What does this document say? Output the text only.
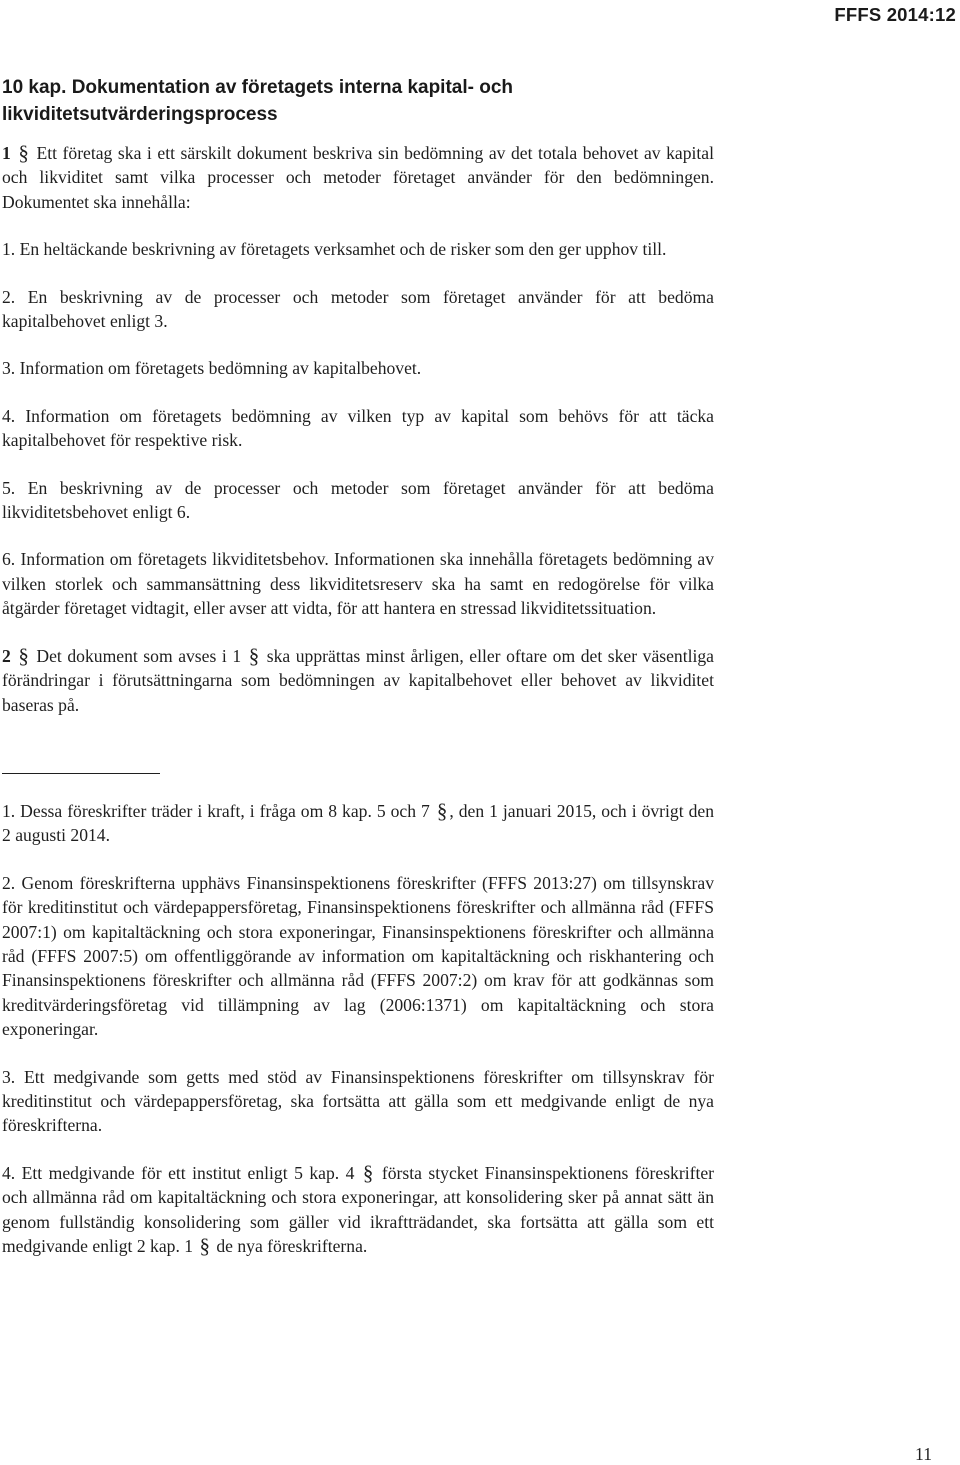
FFFS 2014:12
10 kap. Dokumentation av företagets interna kapital- och
likviditetsutvärderingsprocess

1 § Ett företag ska i ett särskilt dokument beskriva sin bedömning av det totala behovet av kapital och likviditet samt vilka processer och metoder företaget använder för den bedömningen. Dokumentet ska innehålla:

1. En heltäckande beskrivning av företagets verksamhet och de risker som den ger upphov till.

2. En beskrivning av de processer och metoder som företaget använder för att bedöma kapitalbehovet enligt 3.

3. Information om företagets bedömning av kapitalbehovet.

4. Information om företagets bedömning av vilken typ av kapital som behövs för att täcka kapitalbehovet för respektive risk.

5. En beskrivning av de processer och metoder som företaget använder för att bedöma likviditetsbehovet enligt 6.

6. Information om företagets likviditetsbehov. Informationen ska innehålla företagets bedömning av vilken storlek och sammansättning dess likviditetsreserv ska ha samt en redogörelse för vilka åtgärder företaget vidtagit, eller avser att vidta, för att hantera en stressad likviditetssituation.

2 § Det dokument som avses i 1 § ska upprättas minst årligen, eller oftare om det sker väsentliga förändringar i förutsättningarna som bedömningen av kapitalbehovet eller behovet av likviditet baseras på.

1. Dessa föreskrifter träder i kraft, i fråga om 8 kap. 5 och 7 § , den 1 januari 2015, och i övrigt den 2 augusti 2014.

2. Genom föreskrifterna upphävs Finansinspektionens föreskrifter (FFFS 2013:27) om tillsynskrav för kreditinstitut och värdepappersföretag, Finansinspektionens föreskrifter och allmänna råd (FFFS 2007:1) om kapitaltäckning och stora exponeringar, Finansinspektionens föreskrifter och allmänna råd (FFFS 2007:5) om offentliggörande av information om kapitaltäckning och riskhantering och Finansinspektionens föreskrifter och allmänna råd (FFFS 2007:2) om krav för att godkännas som kreditvärderingsföretag vid tillämpning av lag (2006:1371) om kapitaltäckning och stora exponeringar.

3. Ett medgivande som getts med stöd av Finansinspektionens föreskrifter om tillsynskrav för kreditinstitut och värdepappersföretag, ska fortsätta att gälla som ett medgivande enligt de nya föreskrifterna.

4. Ett medgivande för ett institut enligt 5 kap. 4 § första stycket Finansinspektionens föreskrifter och allmänna råd om kapitaltäckning och stora exponeringar, att konsolidering sker på annat sätt än genom fullständig konsolidering som gäller vid ikraftträdandet, ska fortsätta att gälla som ett medgivande enligt 2 kap. 1 § de nya föreskrifterna.

11
